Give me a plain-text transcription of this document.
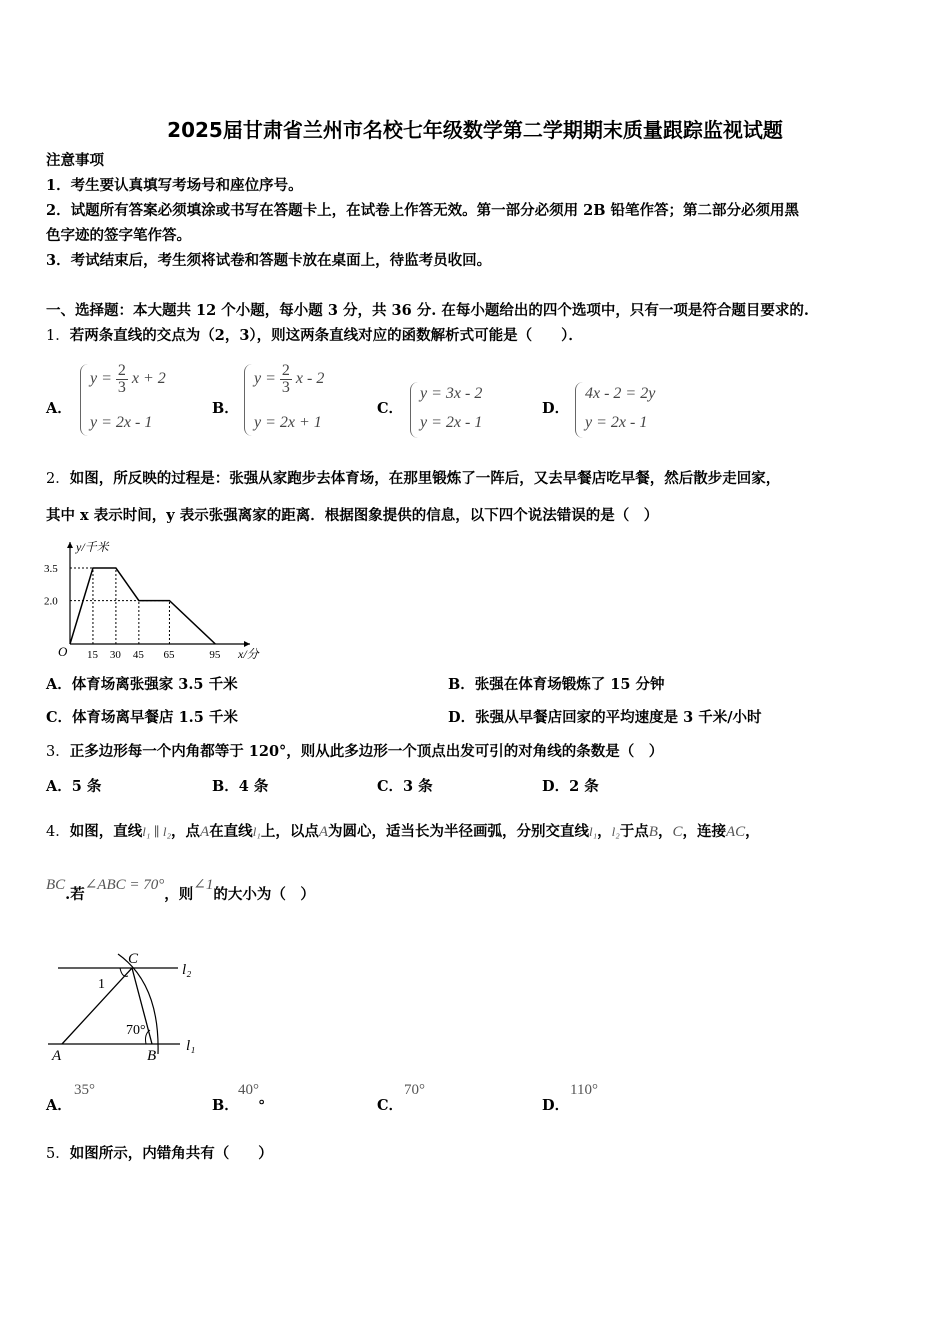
2025届甘肃省兰州市名校七年级数学第二学期期末质量跟踪监视试题
注意事项
1．考生要认真填写考场号和座位序号。
2．试题所有答案必须填涂或书写在答题卡上，在试卷上作答无效。第一部分必须用 2B 铅笔作答；第二部分必须用黑
色字迹的签字笔作答。
3．考试结束后，考生须将试卷和答题卡放在桌面上，待监考员收回。
一、选择题：本大题共 12 个小题，每小题 3 分，共 36 分. 在每小题给出的四个选项中，只有一项是符合题目要求的.
1．若两条直线的交点为（2，3），则这两条直线对应的函数解析式可能是（　　）．
A．
$y = \frac{2}{3}$ x + 2
y = 2x - 1
B．
$y = \frac{2}{3}$ x - 2
y = 2x + 1
C．
y = 3x - 2
y = 2x - 1
D．
4x - 2 = 2y
y = 2x - 1
2．如图，所反映的过程是：张强从家跑步去体育场，在那里锻炼了一阵后，又去早餐店吃早餐，然后散步走回家，
其中 x 表示时间，y 表示张强离家的距离．根据图象提供的信息，以下四个说法错误的是（　）
y/千米
x/分
O
3.5
2.0
15 30 45 65	95
A．体育场离张强家 3.5 千米	B．张强在体育场锻炼了 15 分钟
C．体育场离早餐店 1.5 千米	D．张强从早餐店回家的平均速度是 3 千米/小时
3．正多边形每一个内角都等于 120°，则从此多边形一个顶点出发可引的对角线的条数是（　）
A．5 条	B．4 条	C．3 条	D．2 条
4．如图，直线l₁ ∥ l₂，点A在直线l₁上，以点A为圆心，适当长为半径画弧，分别交直线l₁，l₂于点B，C，连接AC，
BC.若∠ABC = 70°，则∠1的大小为（　）
C
l₂
1
70°
A	B
l₁
A．
35°
B．
40° 。	C．
70°
D．
110°
5．如图所示，内错角共有（　　）
